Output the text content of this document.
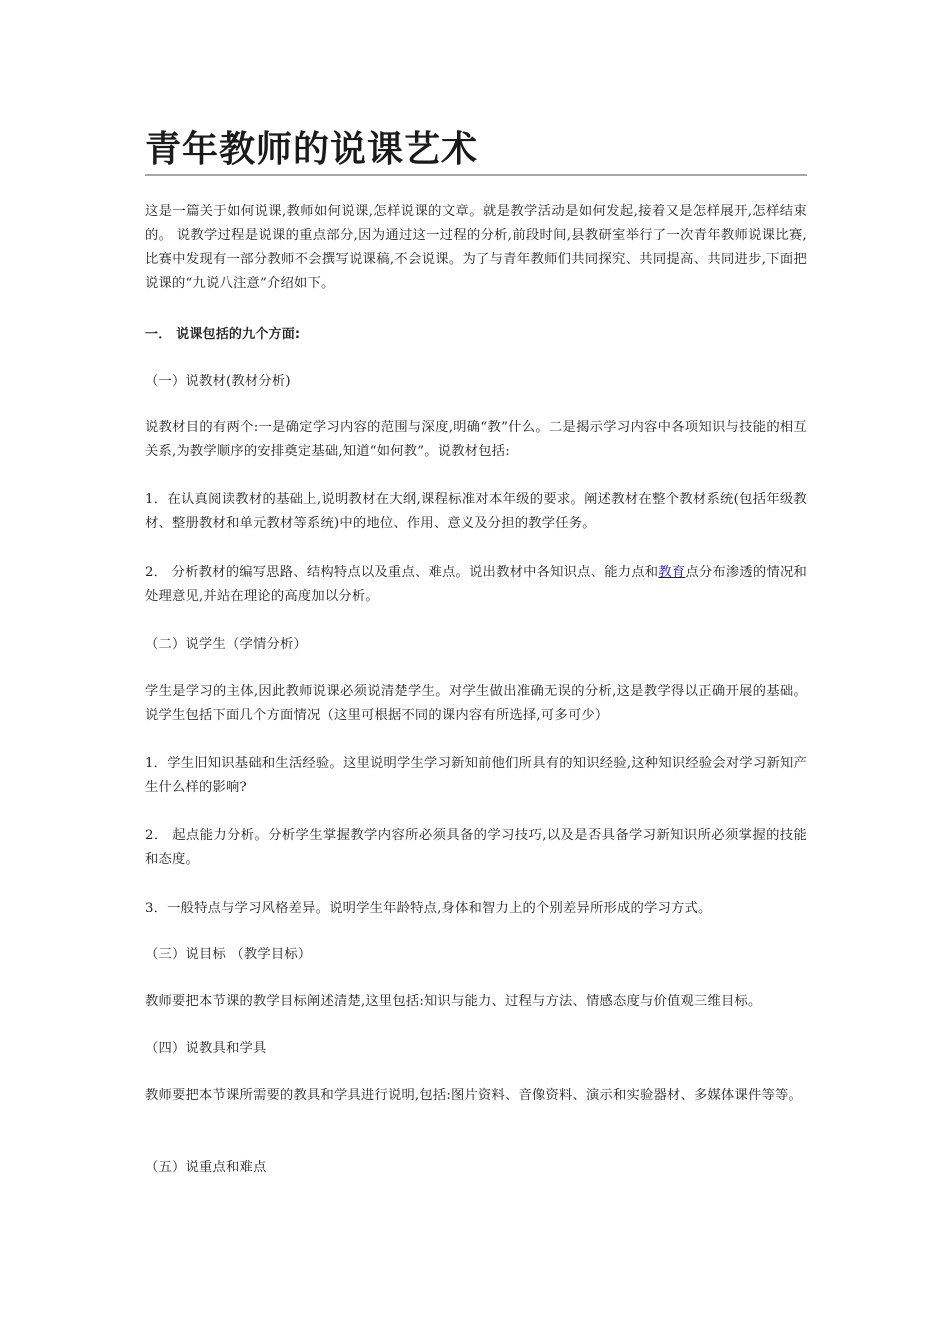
青年教师的说课艺术

这是一篇关于如何说课,教师如何说课,怎样说课的文章。就是教学活动是如何发起,接着又是怎样展开,怎样结束的。 说教学过程是说课的重点部分,因为通过这一过程的分析,前段时间,县教研室举行了一次青年教师说课比赛,比赛中发现有一部分教师不会撰写说课稿,不会说课。为了与青年教师们共同探究、共同提高、共同进步,下面把说课的“九说八注意”介绍如下。

一． 说课包括的九个方面:

（一）说教材(教材分析)

说教材目的有两个:一是确定学习内容的范围与深度,明确“教”什么。二是揭示学习内容中各项知识与技能的相互关系,为教学顺序的安排奠定基础,知道“如何教”。说教材包括:

1．在认真阅读教材的基础上,说明教材在大纲,课程标准对本年级的要求。阐述教材在整个教材系统(包括年级教材、整册教材和单元教材等系统)中的地位、作用、意义及分担的教学任务。

2． 分析教材的编写思路、结构特点以及重点、难点。说出教材中各知识点、能力点和教育点分布渗透的情况和处理意见,并站在理论的高度加以分析。

（二）说学生（学情分析）

学生是学习的主体,因此教师说课必须说清楚学生。对学生做出准确无误的分析,这是教学得以正确开展的基础。说学生包括下面几个方面情况（这里可根据不同的课内容有所选择,可多可少）

1．学生旧知识基础和生活经验。这里说明学生学习新知前他们所具有的知识经验,这种知识经验会对学习新知产生什么样的影响?

2． 起点能力分析。分析学生掌握教学内容所必须具备的学习技巧,以及是否具备学习新知识所必须掌握的技能和态度。

3．一般特点与学习风格差异。说明学生年龄特点,身体和智力上的个别差异所形成的学习方式。

（三）说目标 （教学目标）

教师要把本节课的教学目标阐述清楚,这里包括:知识与能力、过程与方法、情感态度与价值观三维目标。

（四）说教具和学具

教师要把本节课所需要的教具和学具进行说明,包括:图片资料、音像资料、演示和实验器材、多媒体课件等等。

（五）说重点和难点
